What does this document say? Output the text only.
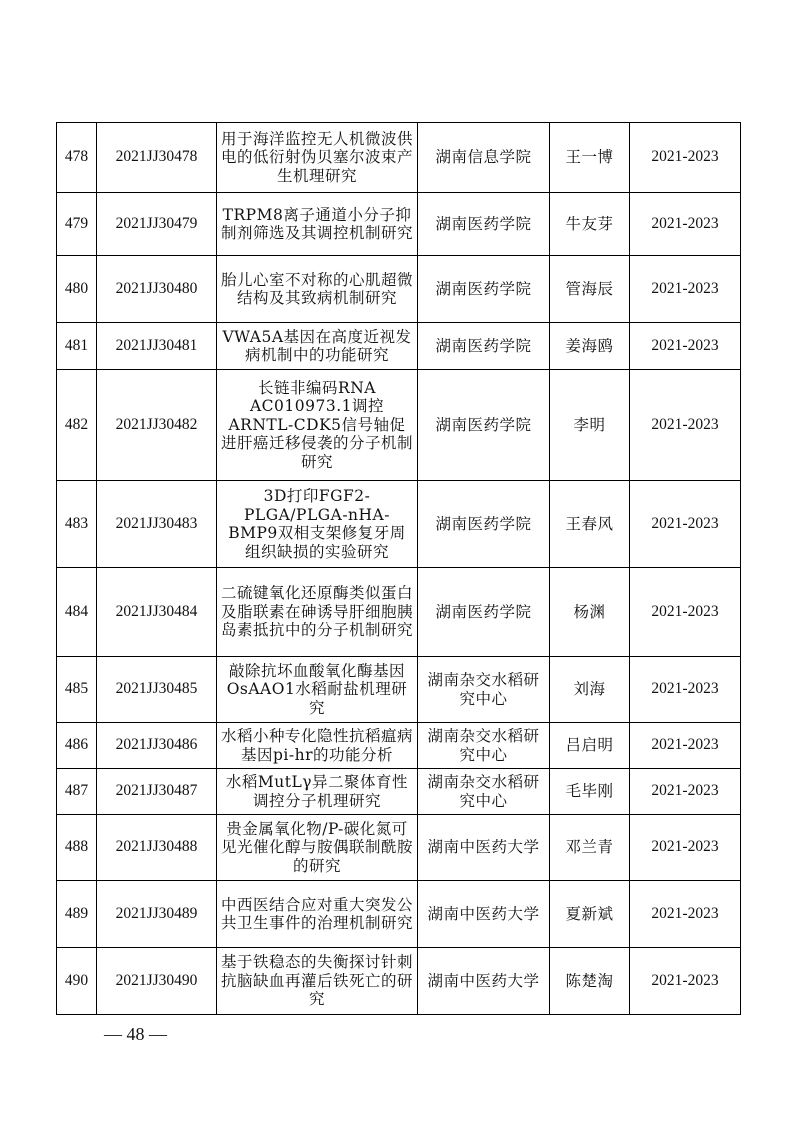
478	2021JJ30478	用于海洋监控无人机微波供电的低衍射伪贝塞尔波束产生机理研究	湖南信息学院	王一博	2021-2023
479	2021JJ30479	TRPM8离子通道小分子抑制剂筛选及其调控机制研究	湖南医药学院	牛友芽	2021-2023
480	2021JJ30480	胎儿心室不对称的心肌超微结构及其致病机制研究	湖南医药学院	管海辰	2021-2023
481	2021JJ30481	VWA5A基因在高度近视发病机制中的功能研究	湖南医药学院	姜海鸥	2021-2023
482	2021JJ30482	长链非编码RNA AC010973.1调控ARNTL-CDK5信号轴促进肝癌迁移侵袭的分子机制研究	湖南医药学院	李明	2021-2023
483	2021JJ30483	3D打印FGF2-PLGA/PLGA-nHA-BMP9双相支架修复牙周组织缺损的实验研究	湖南医药学院	王春风	2021-2023
484	2021JJ30484	二硫键氧化还原酶类似蛋白及脂联素在砷诱导肝细胞胰岛素抵抗中的分子机制研究	湖南医药学院	杨渊	2021-2023
485	2021JJ30485	敲除抗坏血酸氧化酶基因OsAAO1水稻耐盐机理研究	湖南杂交水稻研究中心	刘海	2021-2023
486	2021JJ30486	水稻小种专化隐性抗稻瘟病基因pi-hr的功能分析	湖南杂交水稻研究中心	吕启明	2021-2023
487	2021JJ30487	水稻MutLγ异二聚体育性调控分子机理研究	湖南杂交水稻研究中心	毛毕刚	2021-2023
488	2021JJ30488	贵金属氧化物/P-碳化氮可见光催化醇与胺偶联制酰胺的研究	湖南中医药大学	邓兰青	2021-2023
489	2021JJ30489	中西医结合应对重大突发公共卫生事件的治理机制研究	湖南中医药大学	夏新斌	2021-2023
490	2021JJ30490	基于铁稳态的失衡探讨针刺抗脑缺血再灌后铁死亡的研究	湖南中医药大学	陈楚淘	2021-2023
— 48 —
